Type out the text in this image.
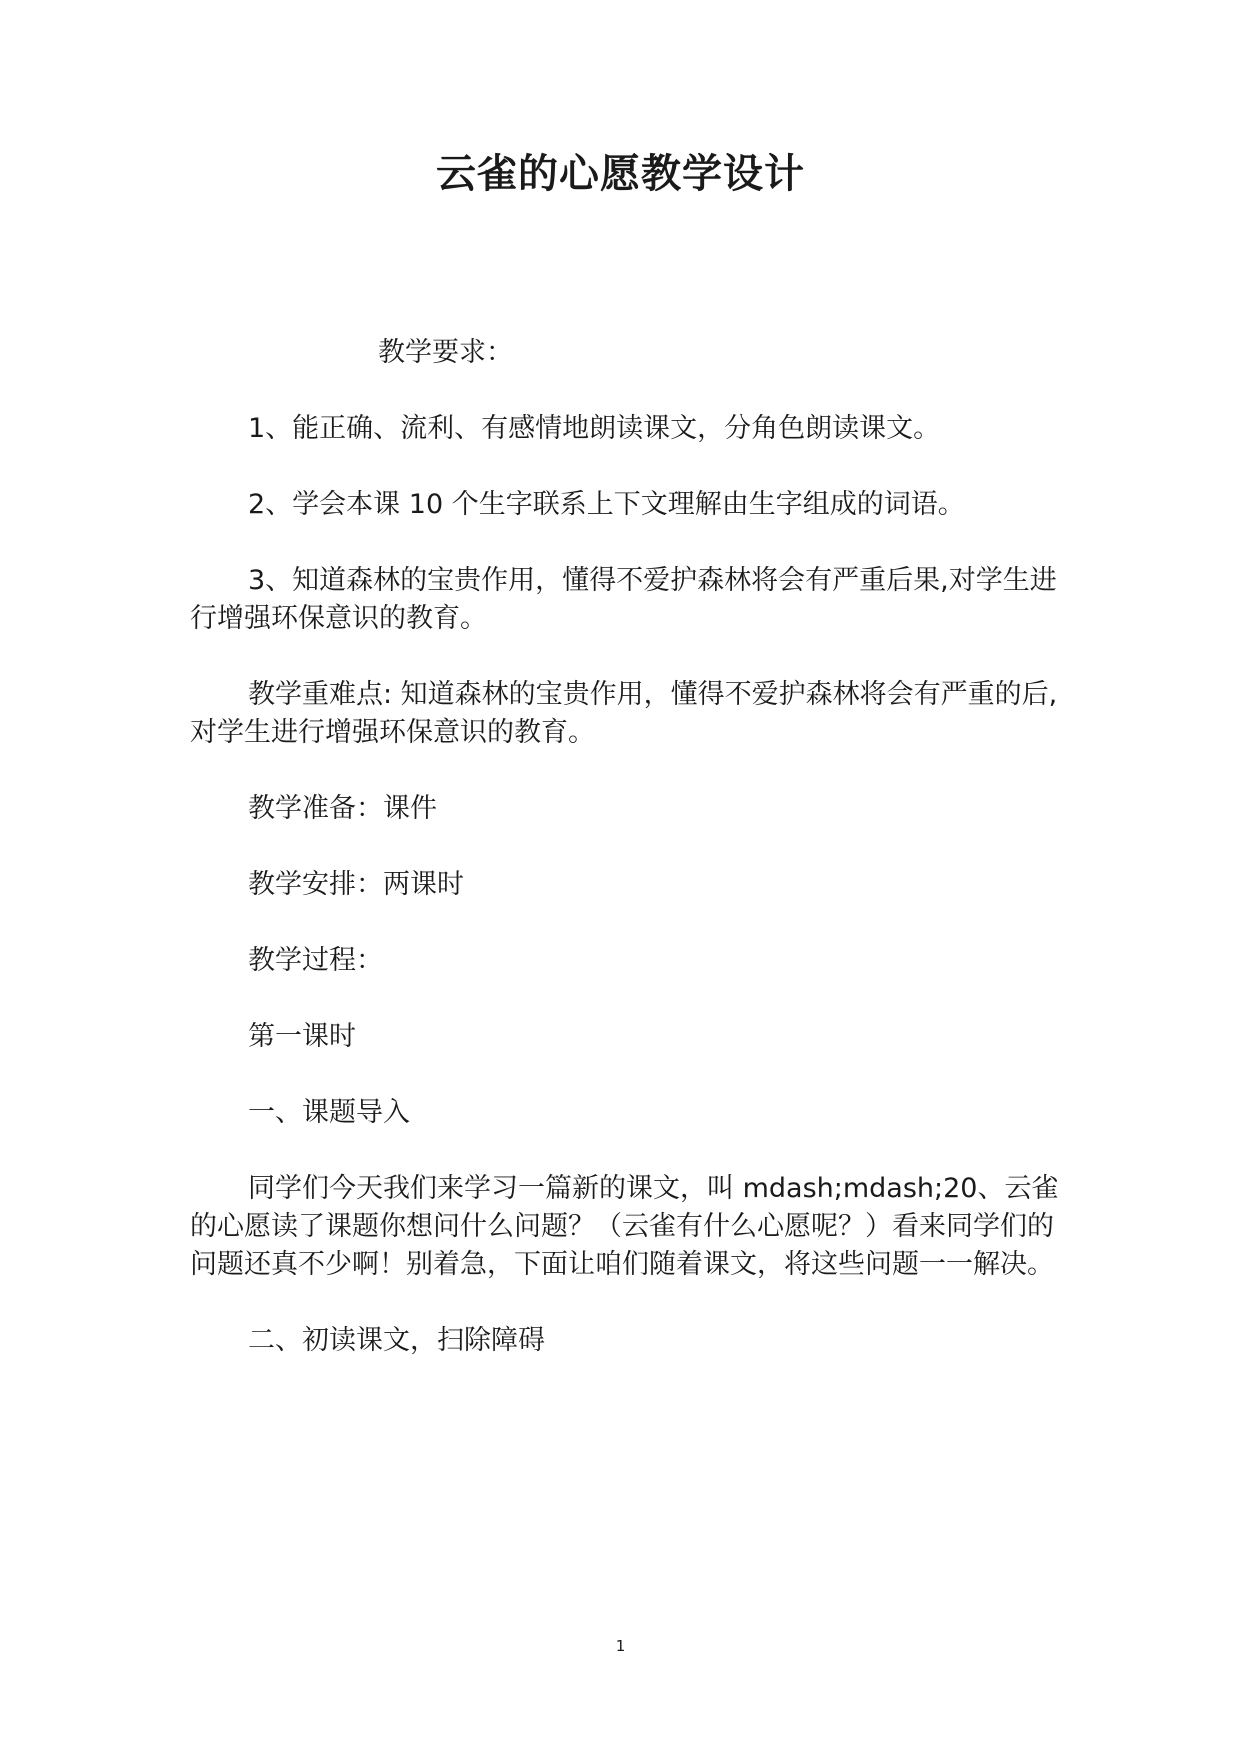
云雀的心愿教学设计

教学要求：

1、能正确、流利、有感情地朗读课文，分角色朗读课文。

2、学会本课 10 个生字联系上下文理解由生字组成的词语。

3、知道森林的宝贵作用，懂得不爱护森林将会有严重后果,对学生进行增强环保意识的教育。

教学重难点: 知道森林的宝贵作用，懂得不爱护森林将会有严重的后,对学生进行增强环保意识的教育。

教学准备：课件

教学安排：两课时

教学过程：

第一课时

一、课题导入

同学们今天我们来学习一篇新的课文，叫 mdash;mdash;20、云雀的心愿读了课题你想问什么问题？（云雀有什么心愿呢？）看来同学们的问题还真不少啊！别着急，下面让咱们随着课文，将这些问题一一解决。

二、初读课文，扫除障碍

1
